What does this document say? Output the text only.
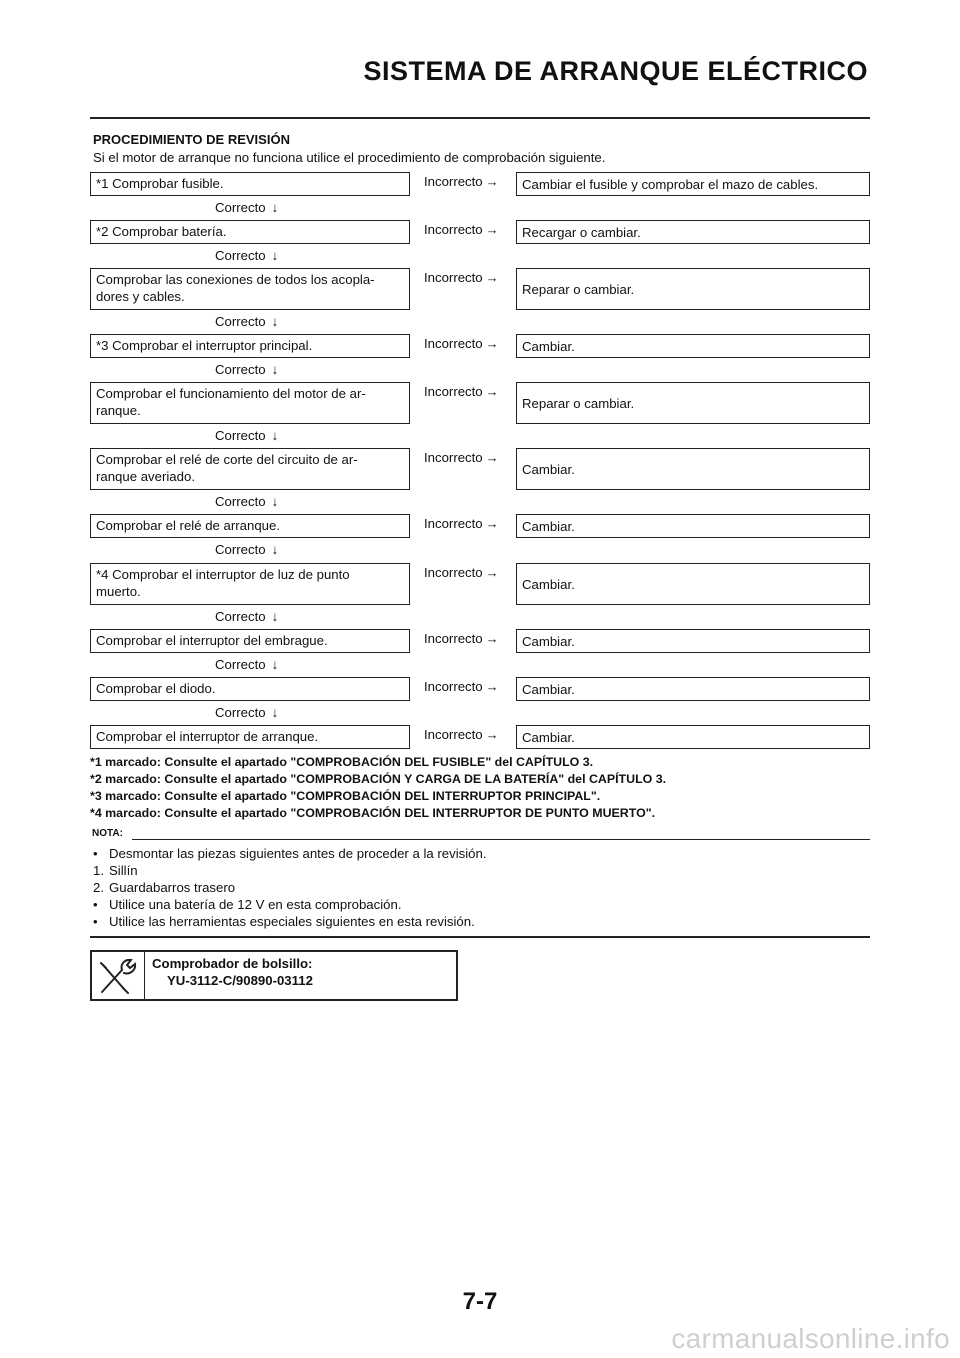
SISTEMA DE ARRANQUE ELÉCTRICO
PROCEDIMIENTO DE REVISIÓN
Si el motor de arranque no funciona utilice el procedimiento de comprobación siguiente.
*1 Comprobar fusible.	Incorrecto → Cambiar el fusible y comprobar el mazo de cables.
Correcto ↓
*2 Comprobar batería.	Incorrecto → Recargar o cambiar.
Correcto ↓
Comprobar las conexiones de todos los acopla-
dores y cables.
Incorrecto →
Reparar o cambiar.
Correcto ↓
*3 Comprobar el interruptor principal.	Incorrecto → Cambiar.
Correcto ↓
Comprobar el funcionamiento del motor de ar-
ranque.
Incorrecto →
Reparar o cambiar.
Correcto ↓
Comprobar el relé de corte del circuito de ar-
ranque averiado.
Incorrecto →
Cambiar.
Correcto ↓
Comprobar el relé de arranque.	Incorrecto → Cambiar.
Correcto ↓
*4 Comprobar el interruptor de luz de punto
muerto.
Incorrecto →
Cambiar.
Correcto ↓
Comprobar el interruptor del embrague.	Incorrecto → Cambiar.
Correcto ↓
Comprobar el diodo.	Incorrecto → Cambiar.
Correcto ↓
Comprobar el interruptor de arranque.	Incorrecto → Cambiar.
*1 marcado: Consulte el apartado "COMPROBACIÓN DEL FUSIBLE" del CAPÍTULO 3.
*2 marcado: Consulte el apartado "COMPROBACIÓN Y CARGA DE LA BATERÍA" del CAPÍTULO 3.
*3 marcado: Consulte el apartado "COMPROBACIÓN DEL INTERRUPTOR PRINCIPAL".
*4 marcado: Consulte el apartado "COMPROBACIÓN DEL INTERRUPTOR DE PUNTO MUERTO".
NOTA:
• Desmontar las piezas siguientes antes de proceder a la revisión.
1. Sillín
2. Guardabarros trasero
• Utilice una batería de 12 V en esta comprobación.
• Utilice las herramientas especiales siguientes en esta revisión.
Comprobador de bolsillo:
YU-3112-C/90890-03112
7-7
carmanualsonline.info
